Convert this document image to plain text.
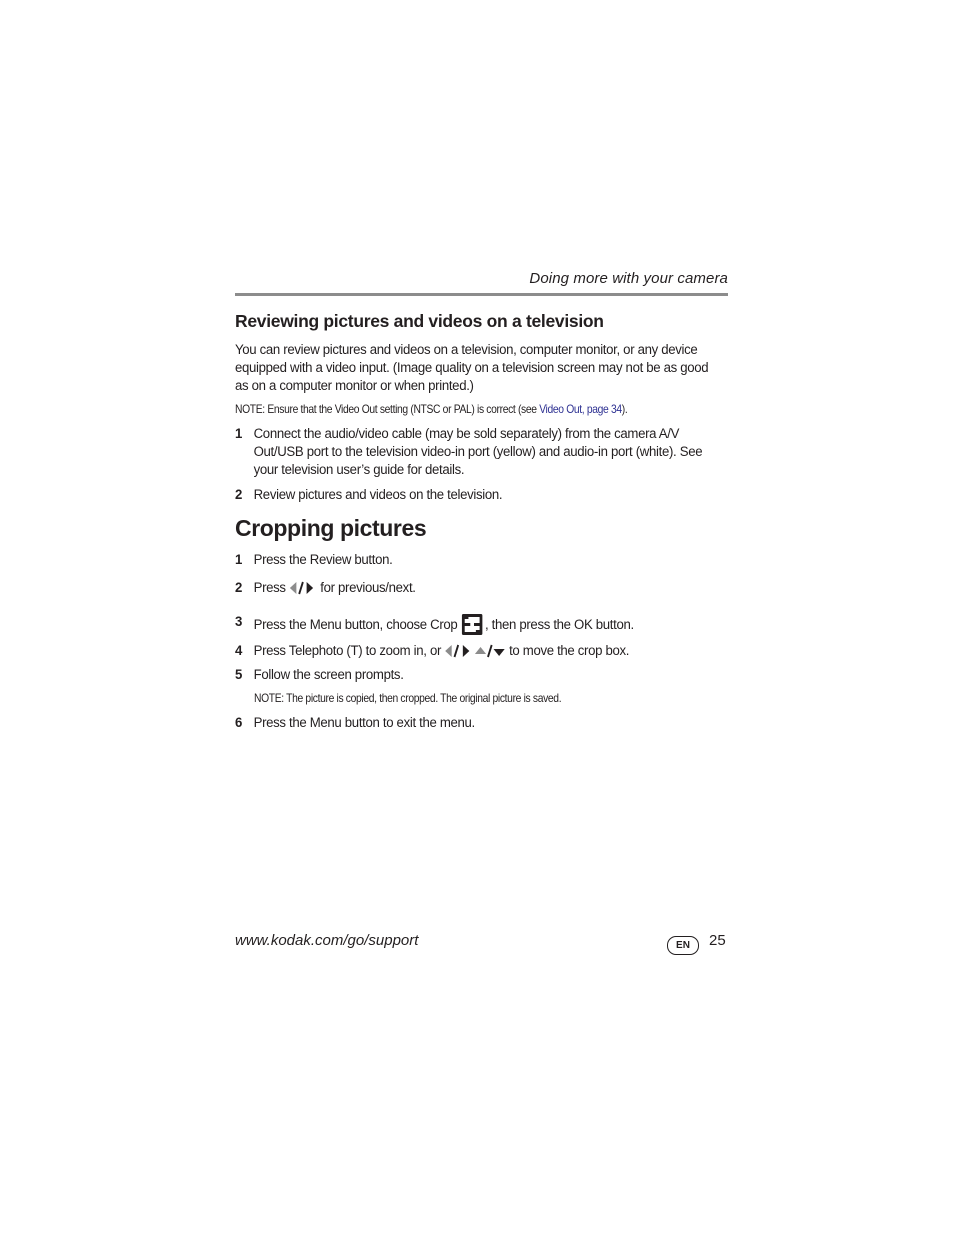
Doing more with your camera
Reviewing pictures and videos on a television
You can review pictures and videos on a television, computer monitor, or any device
equipped with a video input. (Image quality on a television screen may not be as good
as on a computer monitor or when printed.)
NOTE: Ensure that the Video Out setting (NTSC or PAL) is correct (see Video Out, page 34).
1 Connect the audio/video cable (may be sold separately) from the camera A/V
Out/USB port to the television video-in port (yellow) and audio-in port (white). See
your television user’s guide for details.
2 Review pictures and videos on the television.
Cropping pictures
1 Press the Review button.
2 Press  for previous/next.
3 Press the Menu button, choose Crop , then press the OK button.
4 Press Telephoto (T) to zoom in, or	to move the crop box.
5 Follow the screen prompts.
NOTE: The picture is copied, then cropped. The original picture is saved.
6 Press the Menu button to exit the menu.
www.kodak.com/go/support	EN	25
